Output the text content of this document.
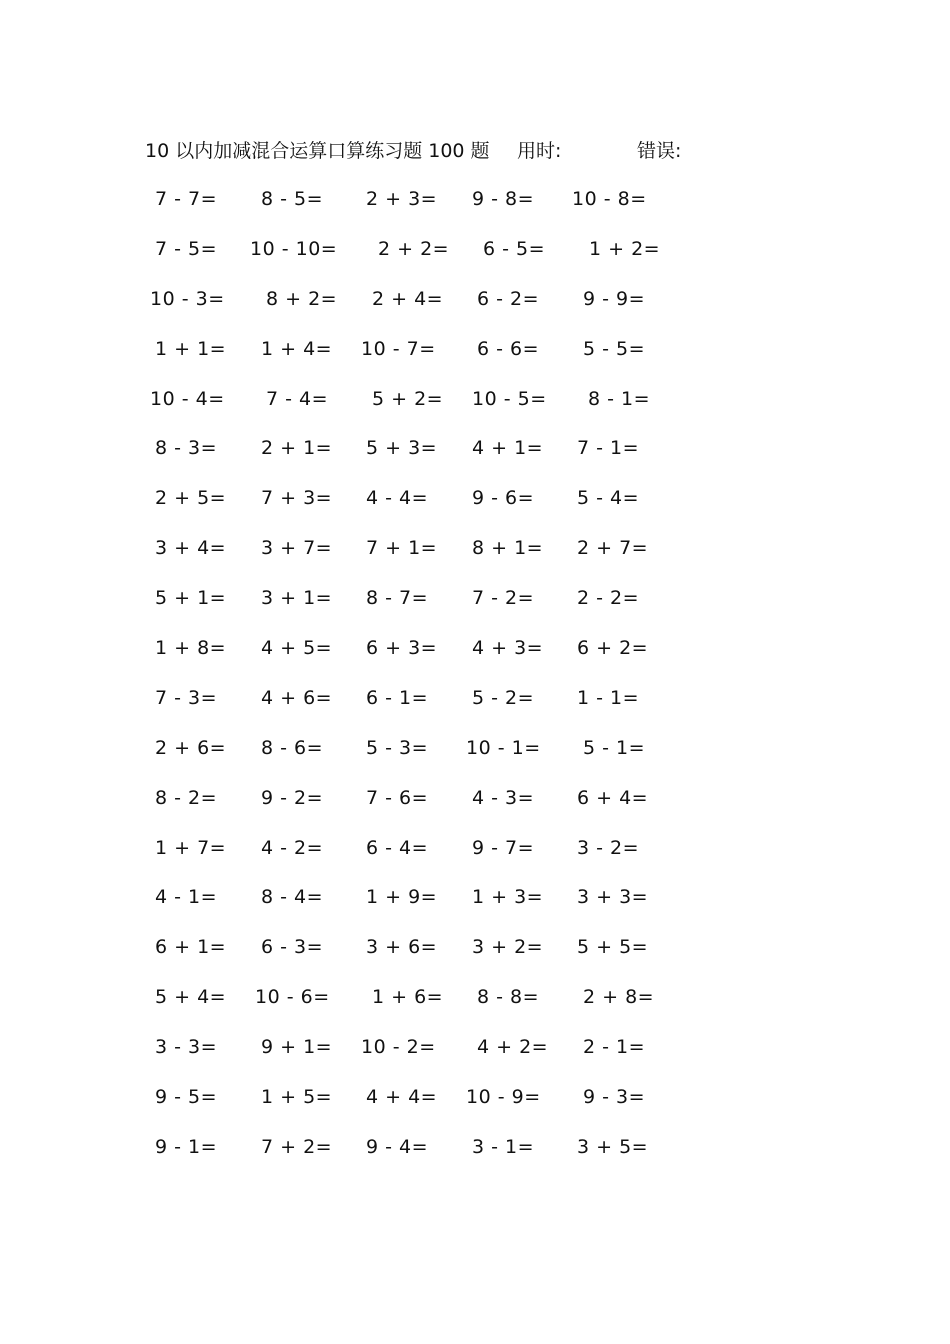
10 以内加减混合运算口算练习题 100 题 用时:	错误:
7 - 7= 8 - 5= 2 + 3= 9 - 8= 10 - 8=
7 - 5= 10 - 10= 2 + 2= 6 - 5= 1 + 2=
10 - 3= 8 + 2= 2 + 4= 6 - 2= 9 - 9=
1 + 1= 1 + 4= 10 - 7= 6 - 6= 5 - 5=
10 - 4= 7 - 4= 5 + 2= 10 - 5= 8 - 1=
8 - 3= 2 + 1= 5 + 3= 4 + 1= 7 - 1=
2 + 5= 7 + 3= 4 - 4= 9 - 6= 5 - 4=
3 + 4= 3 + 7= 7 + 1= 8 + 1= 2 + 7=
5 + 1= 3 + 1= 8 - 7= 7 - 2= 2 - 2=
1 + 8= 4 + 5= 6 + 3= 4 + 3= 6 + 2=
7 - 3= 4 + 6= 6 - 1= 5 - 2= 1 - 1=
2 + 6= 8 - 6= 5 - 3= 10 - 1= 5 - 1=
8 - 2= 9 - 2= 7 - 6= 4 - 3= 6 + 4=
1 + 7= 4 - 2= 6 - 4= 9 - 7= 3 - 2=
4 - 1= 8 - 4= 1 + 9= 1 + 3= 3 + 3=
6 + 1= 6 - 3= 3 + 6= 3 + 2= 5 + 5=
5 + 4= 10 - 6= 1 + 6= 8 - 8= 2 + 8=
3 - 3= 9 + 1= 10 - 2= 4 + 2= 2 - 1=
9 - 5= 1 + 5= 4 + 4= 10 - 9= 9 - 3=
9 - 1= 7 + 2= 9 - 4= 3 - 1= 3 + 5=
